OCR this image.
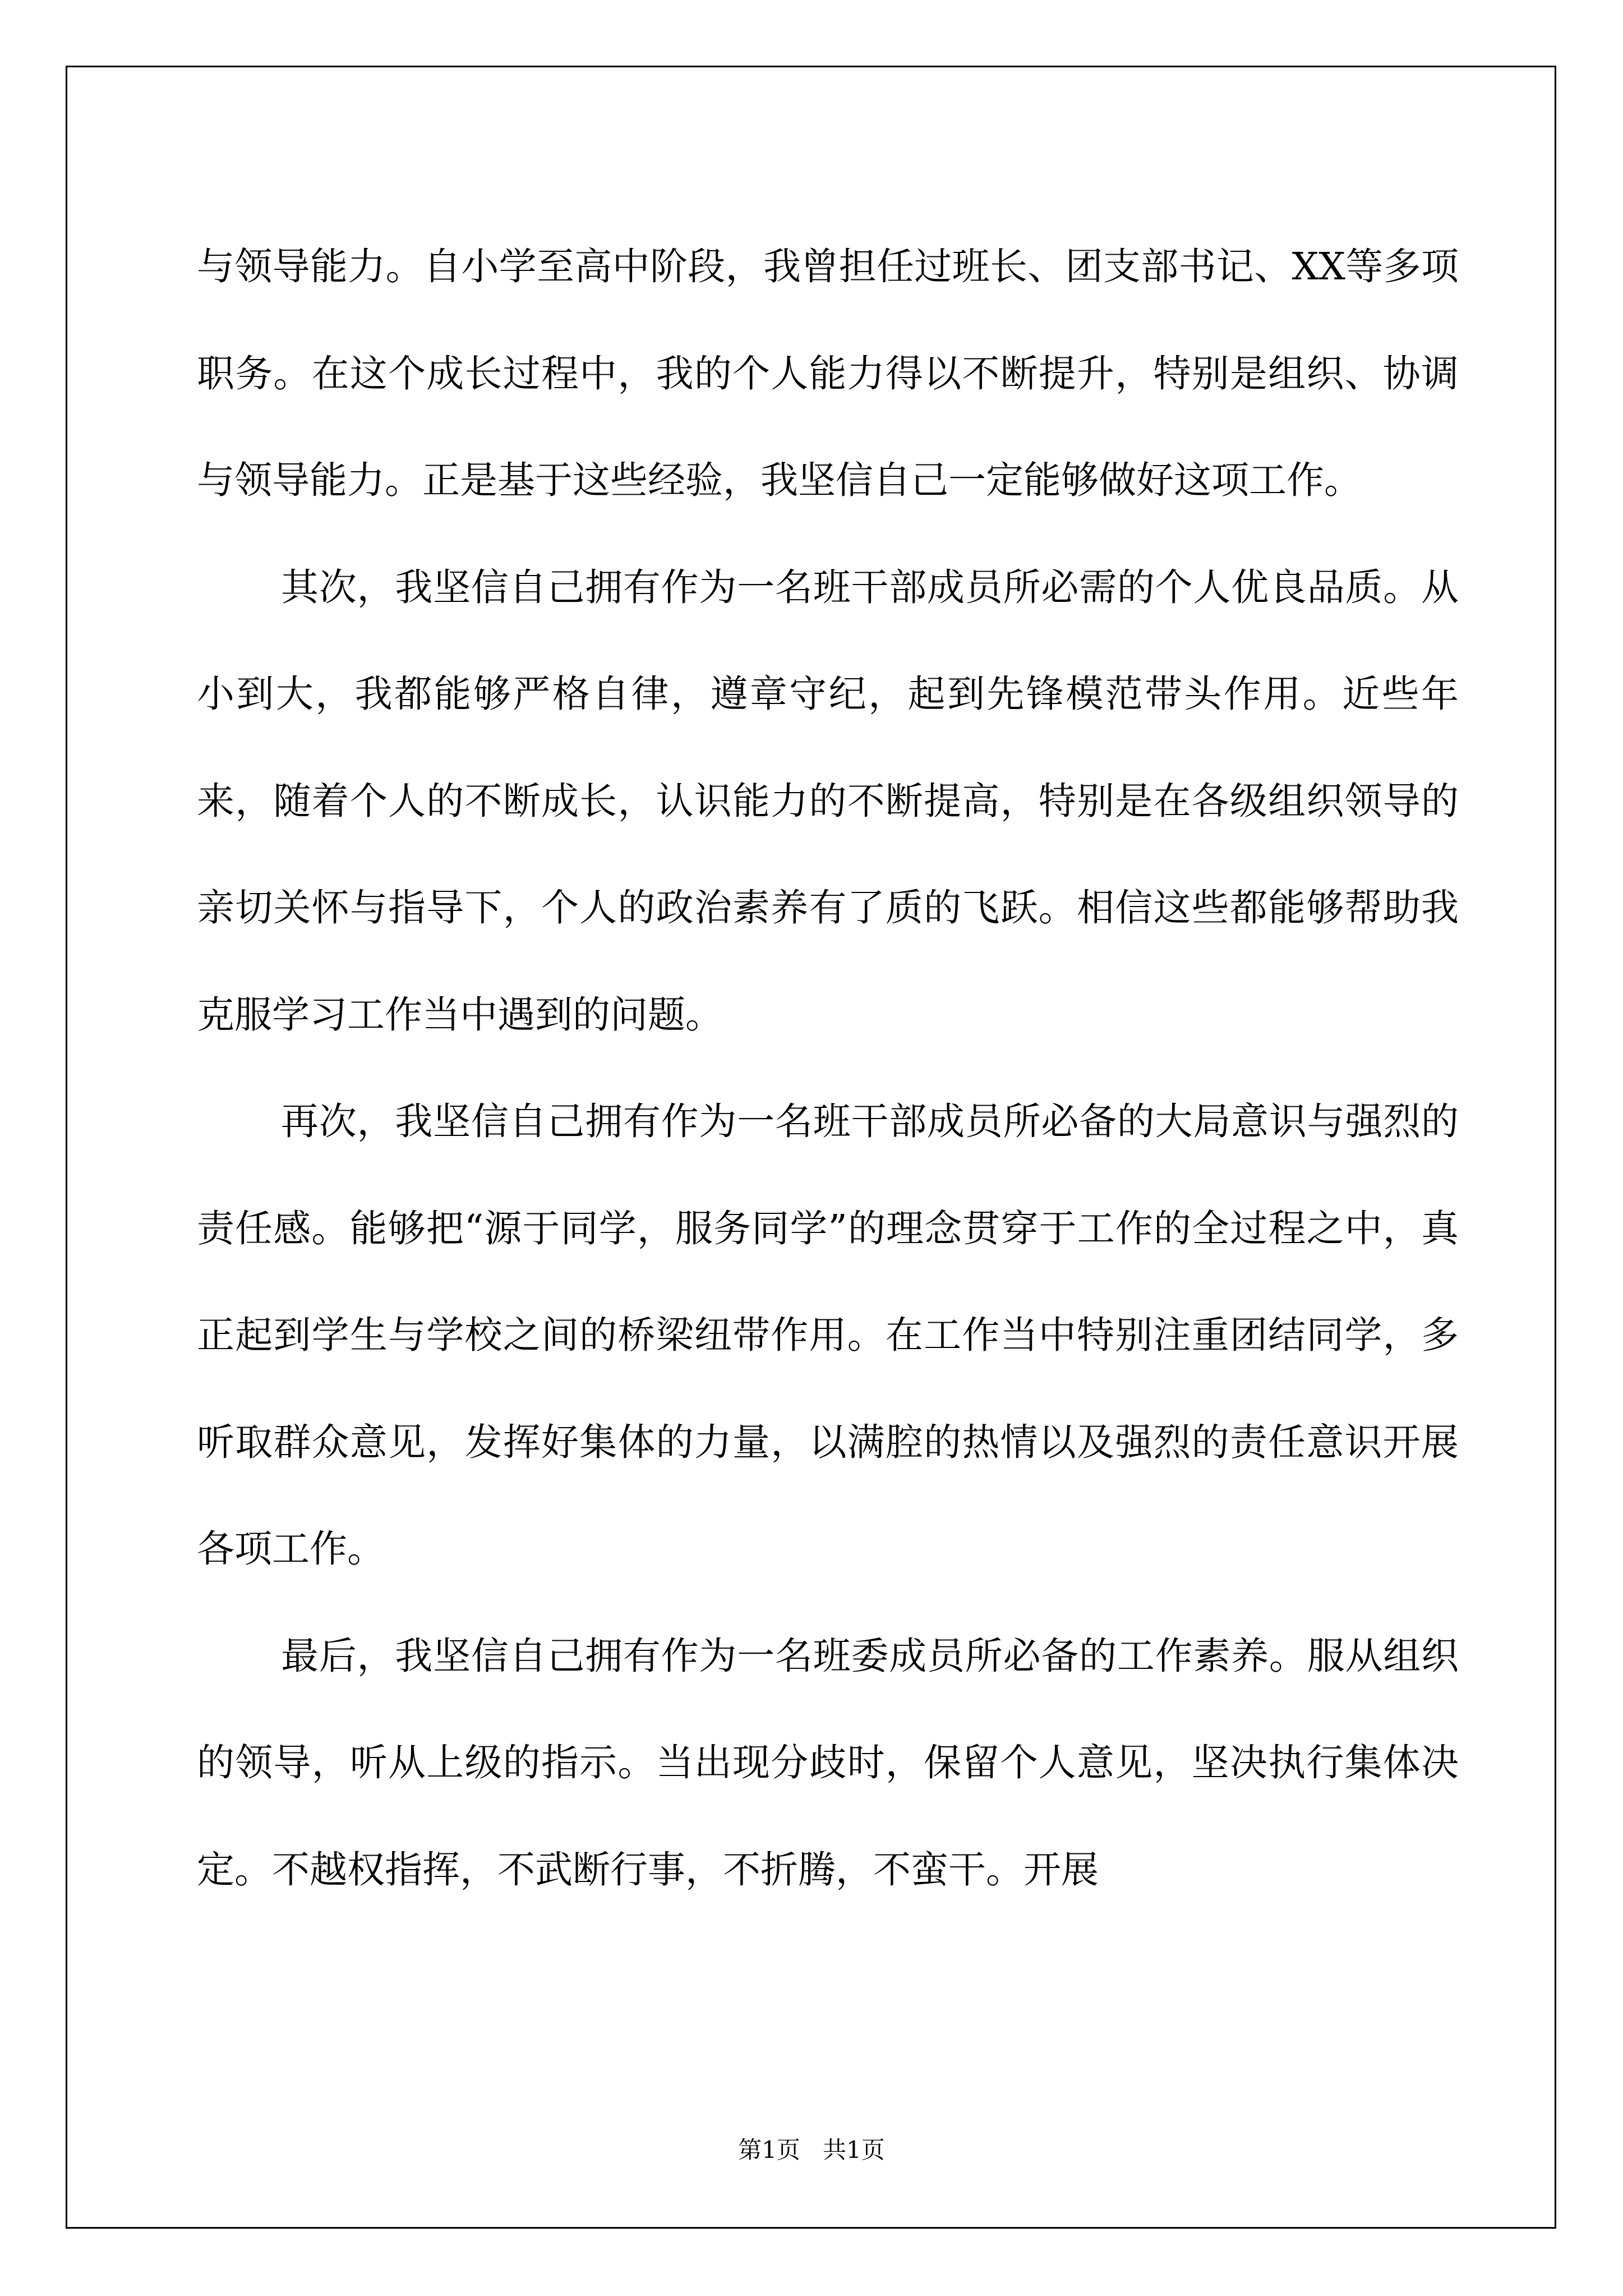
与领导能力。自小学至高中阶段，我曾担任过班长、团支部书记、XX等多项职务。在这个成长过程中，我的个人能力得以不断提升，特别是组织、协调与领导能力。正是基于这些经验，我坚信自己一定能够做好这项工作。

其次，我坚信自己拥有作为一名班干部成员所必需的个人优良品质。从小到大，我都能够严格自律，遵章守纪，起到先锋模范带头作用。近些年来，随着个人的不断成长，认识能力的不断提高，特别是在各级组织领导的亲切关怀与指导下，个人的政治素养有了质的飞跃。相信这些都能够帮助我克服学习工作当中遇到的问题。

再次，我坚信自己拥有作为一名班干部成员所必备的大局意识与强烈的责任感。能够把“源于同学，服务同学”的理念贯穿于工作的全过程之中，真正起到学生与学校之间的桥梁纽带作用。在工作当中特别注重团结同学，多听取群众意见，发挥好集体的力量，以满腔的热情以及强烈的责任意识开展各项工作。

最后，我坚信自己拥有作为一名班委成员所必备的工作素养。服从组织的领导，听从上级的指示。当出现分歧时，保留个人意见，坚决执行集体决定。不越权指挥，不武断行事，不折腾，不蛮干。开展

第1页   共1页
